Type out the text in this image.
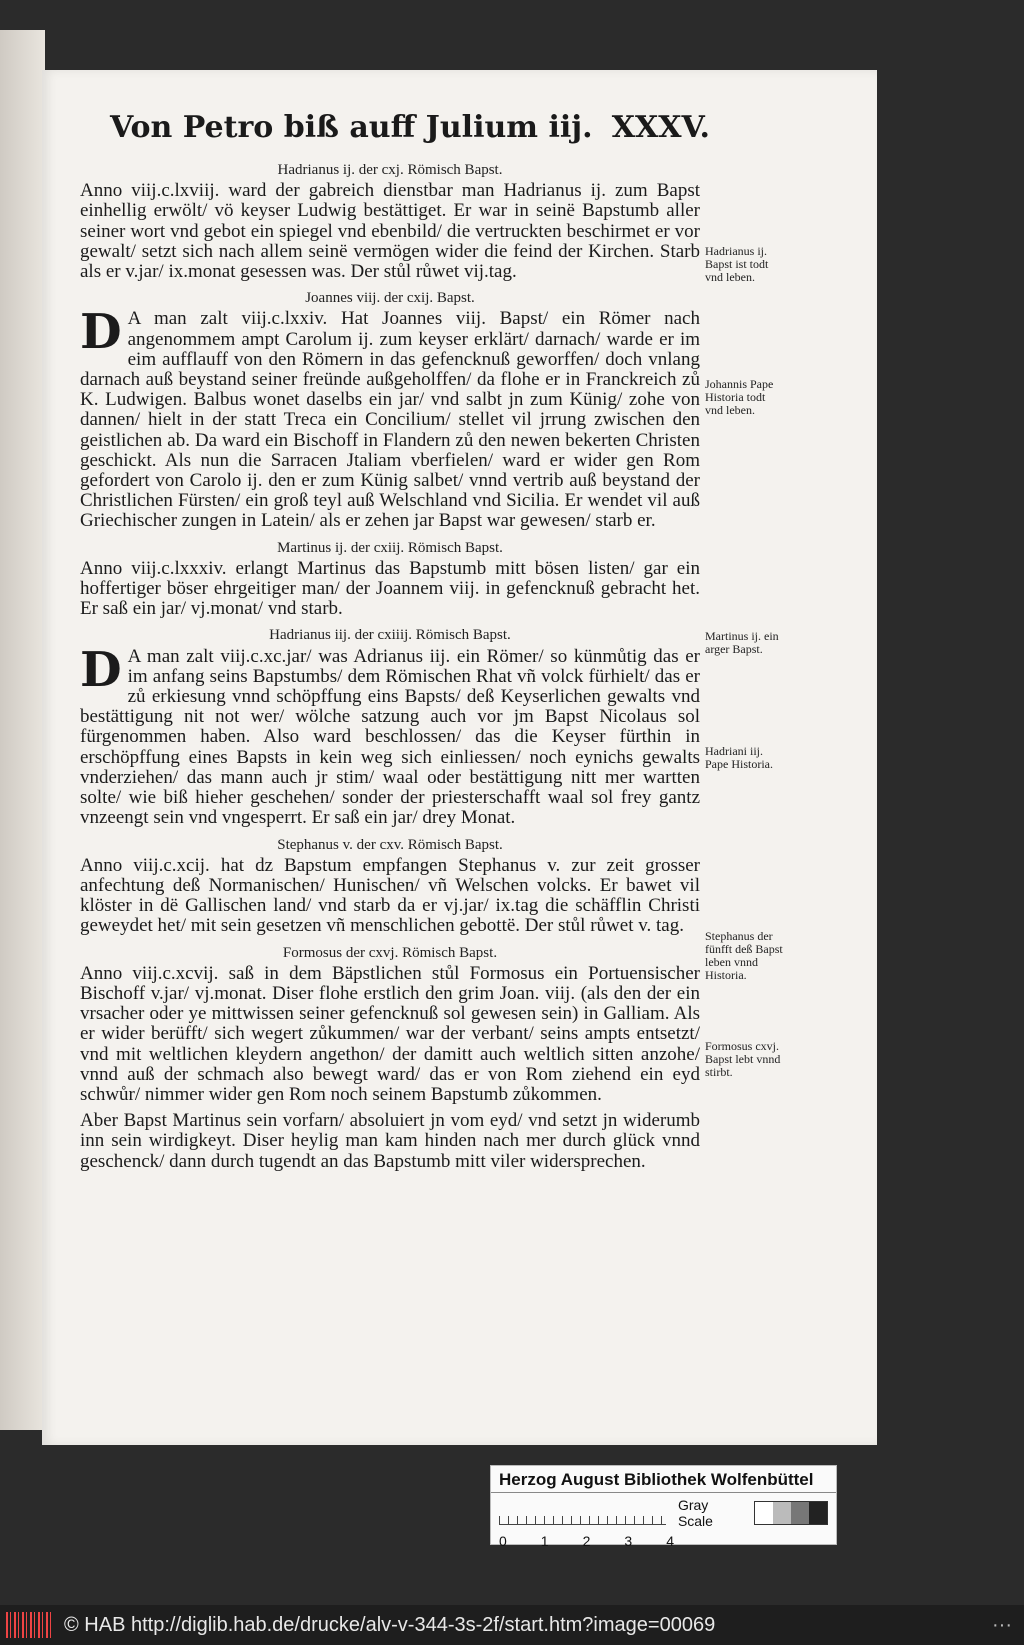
Von Petro biß auff Julium iij. XXXV.
Hadrianus ij. der cxj. Römisch Bapst.

Anno viij.c.lxviij. ward der gabreich dienstbar man Hadrianus ij. zum Bapst einhellig erwölt/ vö keyser Ludwig bestättiget. Er war in seinë Bapstumb aller seiner wort vnd gebot ein spiegel vnd ebenbild/ die vertruckten beschirmet er vor gewalt/ setzt sich nach allem seinë vermögen wider die feind der Kirchen. Starb als er v.jar/ ix.monat gesessen was. Der stůl růwet vij.tag.

Joannes viij. der cxij. Bapst.

D A man zalt viij.c.lxxiv. Hat Joannes viij. Bapst/ ein Römer nach angenommem ampt Carolum ij. zum keyser erklärt/ darnach/ warde er im eim aufflauff von den Römern in das gefencknuß geworffen/ doch vnlang darnach auß beystand seiner freünde außgeholffen/ da flohe er in Franckreich zů K. Ludwigen. Balbus wonet daselbs ein jar/ vnd salbt jn zum Künig/ zohe von dannen/ hielt in der statt Treca ein Concilium/ stellet vil jrrung zwischen den geistlichen ab. Da ward ein Bischoff in Flandern zů den newen bekerten Christen geschickt. Als nun die Sarracen Jtaliam vberfielen/ ward er wider gen Rom gefordert von Carolo ij. den er zum Künig salbet/ vnnd vertrib auß beystand der Christlichen Fürsten/ ein groß teyl auß Welschland vnd Sicilia. Er wendet vil auß Griechischer zungen in Latein/ als er zehen jar Bapst war gewesen/ starb er.

Martinus ij. der cxiij. Römisch Bapst.

Anno viij.c.lxxxiv. erlangt Martinus das Bapstumb mitt bösen listen/ gar ein hoffertiger böser ehrgeitiger man/ der Joannem viij. in gefencknuß gebracht het. Er saß ein jar/ vj.monat/ vnd starb.

Hadrianus iij. der cxiiij. Römisch Bapst.

D A man zalt viij.c.xc.jar/ was Adrianus iij. ein Römer/ so künmůtig das er im anfang seins Bapstumbs/ dem Römischen Rhat vñ volck fürhielt/ das er zů erkiesung vnnd schöpffung eins Bapsts/ deß Keyserlichen gewalts vnd bestättigung nit not wer/ wölche satzung auch vor jm Bapst Nicolaus sol fürgenommen haben. Also ward beschlossen/ das die Keyser fürthin in erschöpffung eines Bapsts in kein weg sich einliessen/ noch eynichs gewalts vnderziehen/ das mann auch jr stim/ waal oder bestättigung nitt mer wartten solte/ wie biß hieher geschehen/ sonder der priesterschafft waal sol frey gantz vnzeengt sein vnd vngesperrt. Er saß ein jar/ drey Monat.

Stephanus v. der cxv. Römisch Bapst.

Anno viij.c.xcij. hat dz Bapstum empfangen Stephanus v. zur zeit grosser anfechtung deß Normanischen/ Hunischen/ vñ Welschen volcks. Er bawet vil klöster in dë Gallischen land/ vnd starb da er vj.jar/ ix.tag die schäfflin Christi geweydet het/ mit sein gesetzen vñ menschlichen gebottë. Der stůl růwet v. tag.

Formosus der cxvj. Römisch Bapst.

Anno viij.c.xcvij. saß in dem Bäpstlichen stůl Formosus ein Portuensischer Bischoff v.jar/ vj.monat. Diser flohe erstlich den grim Joan. viij. (als den der ein vrsacher oder ye mittwissen seiner gefencknuß sol gewesen sein) in Galliam. Als er wider berüfft/ sich wegert zůkummen/ war der verbant/ seins ampts entsetzt/ vnd mit weltlichen kleydern angethon/ der damitt auch weltlich sitten anzohe/ vnnd auß der schmach also bewegt ward/ das er von Rom ziehend ein eyd schwůr/ nimmer wider gen Rom noch seinem Bapstumb zůkommen.

Aber Bapst Martinus sein vorfarn/ absoluiert jn vom eyd/ vnd setzt jn widerumb inn sein wirdigkeyt. Diser heylig man kam hinden nach mer durch glück vnnd geschenck/ dann durch tugendt an das Bapstumb mitt viler widersprechen.

Hadrianus ij. Bapst ist todt vnd leben.
Johannis Pape Historia todt vnd leben.
Martinus ij. ein arger Bapst.
Hadriani iij. Pape Historia.
Stephanus der fünfft deß Bapst leben vnnd Historia.
Formosus cxvj. Bapst lebt vnnd stirbt.
Herzog August Bibliothek Wolfenbüttel
Gray Scale
0 1 2 3 4
© HAB http://diglib.hab.de/drucke/alv-v-344-3s-2f/start.htm?image=00069	···
